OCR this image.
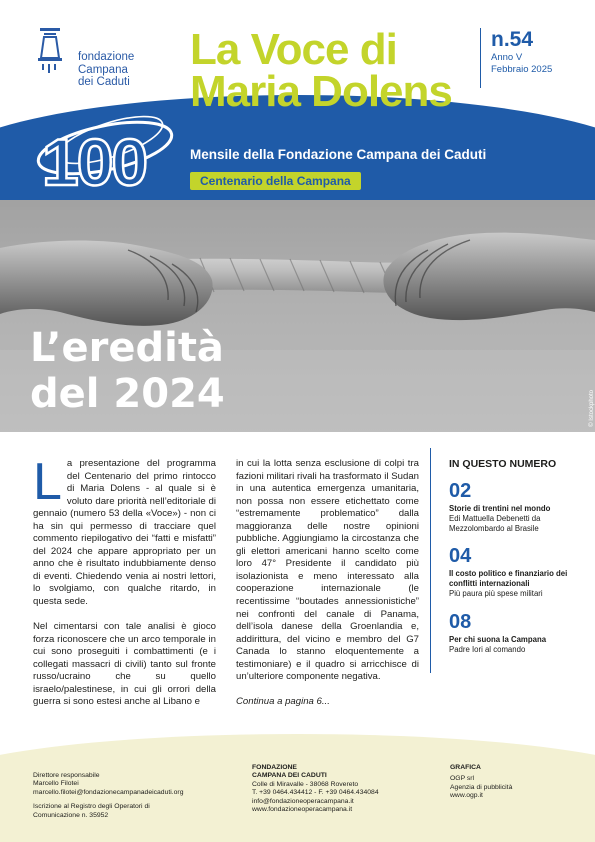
fondazione
Campana
dei Caduti
100
La Voce di
Maria Dolens
n.54
Anno V
Febbraio 2025
Mensile della Fondazione Campana dei Caduti
Centenario della Campana
L’eredità
del 2024	© Istockphoto

La presentazione del programma del Centenario del primo rintocco di Maria Dolens - al quale si è voluto dare priorità nell’editoriale di gennaio (numero 53 della «Voce») - non ci ha sin qui permesso di tracciare quel commento riepilogativo dei “fatti e misfatti” del 2024 che appare appropriato per un anno che è risultato indubbiamente denso di eventi. Chiedendo venia ai nostri lettori, lo svolgiamo, con qualche ritardo, in questa sede.

Nel cimentarsi con tale analisi è gioco forza riconoscere che un arco temporale in cui sono proseguiti i combattimenti (e i collegati massacri di civili) tanto sul fronte russo/ucraino che su quello israelo/palestinese, in cui gli orrori della guerra si sono estesi anche al Libano e

in cui la lotta senza esclusione di colpi tra fazioni militari rivali ha trasformato il Sudan in una autentica emergenza umanitaria, non possa non essere etichettato come “estremamente problematico” dalla maggioranza delle nostre opinioni pubbliche. Aggiungiamo la circostanza che gli elettori americani hanno scelto come loro 47° Presidente il candidato più isolazionista e meno interessato alla cooperazione internazionale (le recentissime “boutades annessionistiche” nei confronti del canale di Panama, dell’isola danese della Groenlandia e, addirittura, del vicino e membro del G7 Canada lo stanno eloquentemente a testimoniare) e il quadro si arricchisce di un’ulteriore componente negativa.

Continua a pagina 6...

IN QUESTO NUMERO
02
Storie di trentini nel mondo
Edi Mattuella Debenetti da Mezzolombardo al Brasile
04
Il costo politico e finanziario dei conflitti internazionali
Più paura più spese militari
08
Per chi suona la Campana
Padre Iori al comando
Direttore responsabile
Marcello Filotei
marcello.filotei@fondazionecampanadeicaduti.org
Iscrizione al Registro degli Operatori di
Comunicazione n. 35952
FONDAZIONE
CAMPANA DEI CADUTI
Colle di Miravalle - 38068 Rovereto
T. +39 0464.434412 - F. +39 0464.434084
info@fondazioneoperacampana.it
www.fondazioneoperacampana.it
GRAFICA
OGP srl
Agenzia di pubblicità
www.ogp.it
